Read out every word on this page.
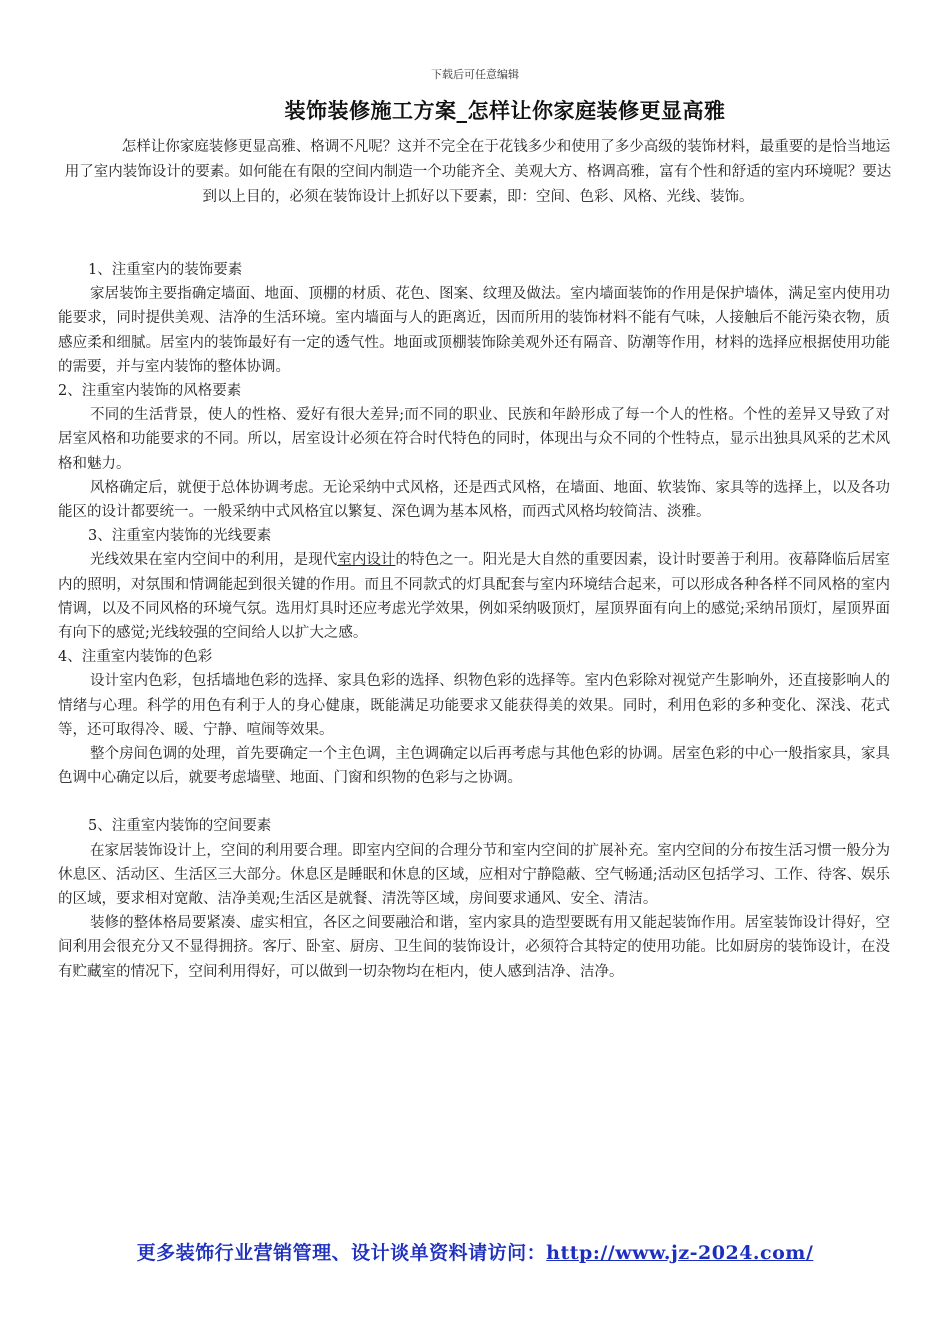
下载后可任意编辑
装饰装修施工方案_怎样让你家庭装修更显高雅
怎样让你家庭装修更显高雅、格调不凡呢？这并不完全在于花钱多少和使用了多少高级的装饰材料，最重要的是恰当地运用了室内装饰设计的要素。如何能在有限的空间内制造一个功能齐全、美观大方、格调高雅，富有个性和舒适的室内环境呢？要达到以上目的，必须在装饰设计上抓好以下要素，即：空间、色彩、风格、光线、装饰。

1、注重室内的装饰要素

家居装饰主要指确定墙面、地面、顶棚的材质、花色、图案、纹理及做法。室内墙面装饰的作用是保护墙体，满足室内使用功能要求，同时提供美观、洁净的生活环境。室内墙面与人的距离近，因而所用的装饰材料不能有气味，人接触后不能污染衣物，质感应柔和细腻。居室内的装饰最好有一定的透气性。地面或顶棚装饰除美观外还有隔音、防潮等作用，材料的选择应根据使用功能的需要，并与室内装饰的整体协调。

2、注重室内装饰的风格要素

不同的生活背景，使人的性格、爱好有很大差异;而不同的职业、民族和年龄形成了每一个人的性格。个性的差异又导致了对居室风格和功能要求的不同。所以，居室设计必须在符合时代特色的同时，体现出与众不同的个性特点，显示出独具风采的艺术风格和魅力。

风格确定后，就便于总体协调考虑。无论采纳中式风格，还是西式风格，在墙面、地面、软装饰、家具等的选择上，以及各功能区的设计都要统一。一般采纳中式风格宜以繁复、深色调为基本风格，而西式风格均较简洁、淡雅。

3、注重室内装饰的光线要素

光线效果在室内空间中的利用，是现代室内设计的特色之一。阳光是大自然的重要因素，设计时要善于利用。夜幕降临后居室内的照明，对氛围和情调能起到很关键的作用。而且不同款式的灯具配套与室内环境结合起来，可以形成各种各样不同风格的室内情调，以及不同风格的环境气氛。选用灯具时还应考虑光学效果，例如采纳吸顶灯，屋顶界面有向上的感觉;采纳吊顶灯，屋顶界面有向下的感觉;光线较强的空间给人以扩大之感。

4、注重室内装饰的色彩

设计室内色彩，包括墙地色彩的选择、家具色彩的选择、织物色彩的选择等。室内色彩除对视觉产生影响外，还直接影响人的情绪与心理。科学的用色有利于人的身心健康，既能满足功能要求又能获得美的效果。同时，利用色彩的多种变化、深浅、花式等，还可取得冷、暖、宁静、喧闹等效果。

整个房间色调的处理，首先要确定一个主色调，主色调确定以后再考虑与其他色彩的协调。居室色彩的中心一般指家具，家具色调中心确定以后，就要考虑墙壁、地面、门窗和织物的色彩与之协调。

5、注重室内装饰的空间要素

在家居装饰设计上，空间的利用要合理。即室内空间的合理分节和室内空间的扩展补充。室内空间的分布按生活习惯一般分为休息区、活动区、生活区三大部分。休息区是睡眠和休息的区域，应相对宁静隐蔽、空气畅通;活动区包括学习、工作、待客、娱乐的区域，要求相对宽敞、洁净美观;生活区是就餐、清洗等区域，房间要求通风、安全、清洁。

装修的整体格局要紧凑、虚实相宜，各区之间要融洽和谐，室内家具的造型要既有用又能起装饰作用。居室装饰设计得好，空间利用会很充分又不显得拥挤。客厅、卧室、厨房、卫生间的装饰设计，必须符合其特定的使用功能。比如厨房的装饰设计，在没有贮藏室的情况下，空间利用得好，可以做到一切杂物均在柜内，使人感到洁净、洁净。

更多装饰行业营销管理、设计谈单资料请访问：http://www.jz-2024.com/
